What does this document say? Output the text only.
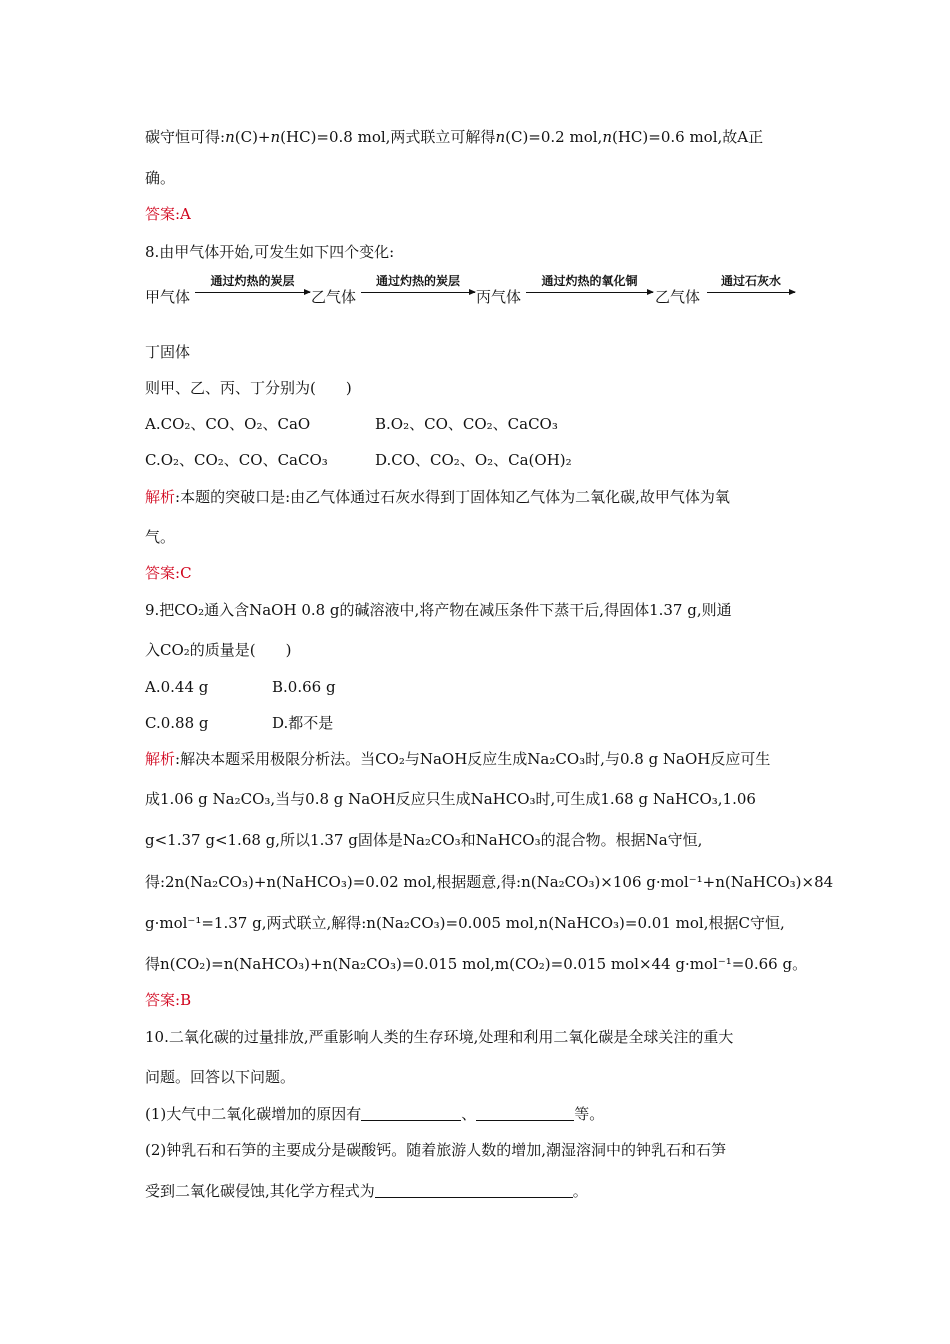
碳守恒可得:n(C)+n(HC)=0.8 mol,两式联立可解得n(C)=0.2 mol,n(HC)=0.6 mol,故A正
确。
答案:A
8.由甲气体开始,可发生如下四个变化:
甲气体
通过灼热的炭层
乙气体
通过灼热的炭层
丙气体
通过灼热的氧化铜
乙气体
通过石灰水
丁固体
则甲、乙、丙、丁分别为(　　)
A.CO₂、CO、O₂、CaO	B.O₂、CO、CO₂、CaCO₃
C.O₂、CO₂、CO、CaCO₃	D.CO、CO₂、O₂、Ca(OH)₂
解析:本题的突破口是:由乙气体通过石灰水得到丁固体知乙气体为二氧化碳,故甲气体为氧
气。
答案:C
9.把CO₂通入含NaOH 0.8 g的碱溶液中,将产物在减压条件下蒸干后,得固体1.37 g,则通
入CO₂的质量是(　　)
A.0.44 g	B.0.66 g
C.0.88 g	D.都不是
解析:解决本题采用极限分析法。当CO₂与NaOH反应生成Na₂CO₃时,与0.8 g NaOH反应可生
成1.06 g Na₂CO₃,当与0.8 g NaOH反应只生成NaHCO₃时,可生成1.68 g NaHCO₃,1.06
g<1.37 g<1.68 g,所以1.37 g固体是Na₂CO₃和NaHCO₃的混合物。根据Na守恒,
得:2n(Na₂CO₃)+n(NaHCO₃)=0.02 mol,根据题意,得:n(Na₂CO₃)×106 g·mol⁻¹+n(NaHCO₃)×84
g·mol⁻¹=1.37 g,两式联立,解得:n(Na₂CO₃)=0.005 mol,n(NaHCO₃)=0.01 mol,根据C守恒,
得n(CO₂)=n(NaHCO₃)+n(Na₂CO₃)=0.015 mol,m(CO₂)=0.015 mol×44 g·mol⁻¹=0.66 g。
答案:B
10.二氧化碳的过量排放,严重影响人类的生存环境,处理和利用二氧化碳是全球关注的重大
问题。回答以下问题。
(1)大气中二氧化碳增加的原因有	、	等。
(2)钟乳石和石笋的主要成分是碳酸钙。随着旅游人数的增加,潮湿溶洞中的钟乳石和石笋
受到二氧化碳侵蚀,其化学方程式为	。
